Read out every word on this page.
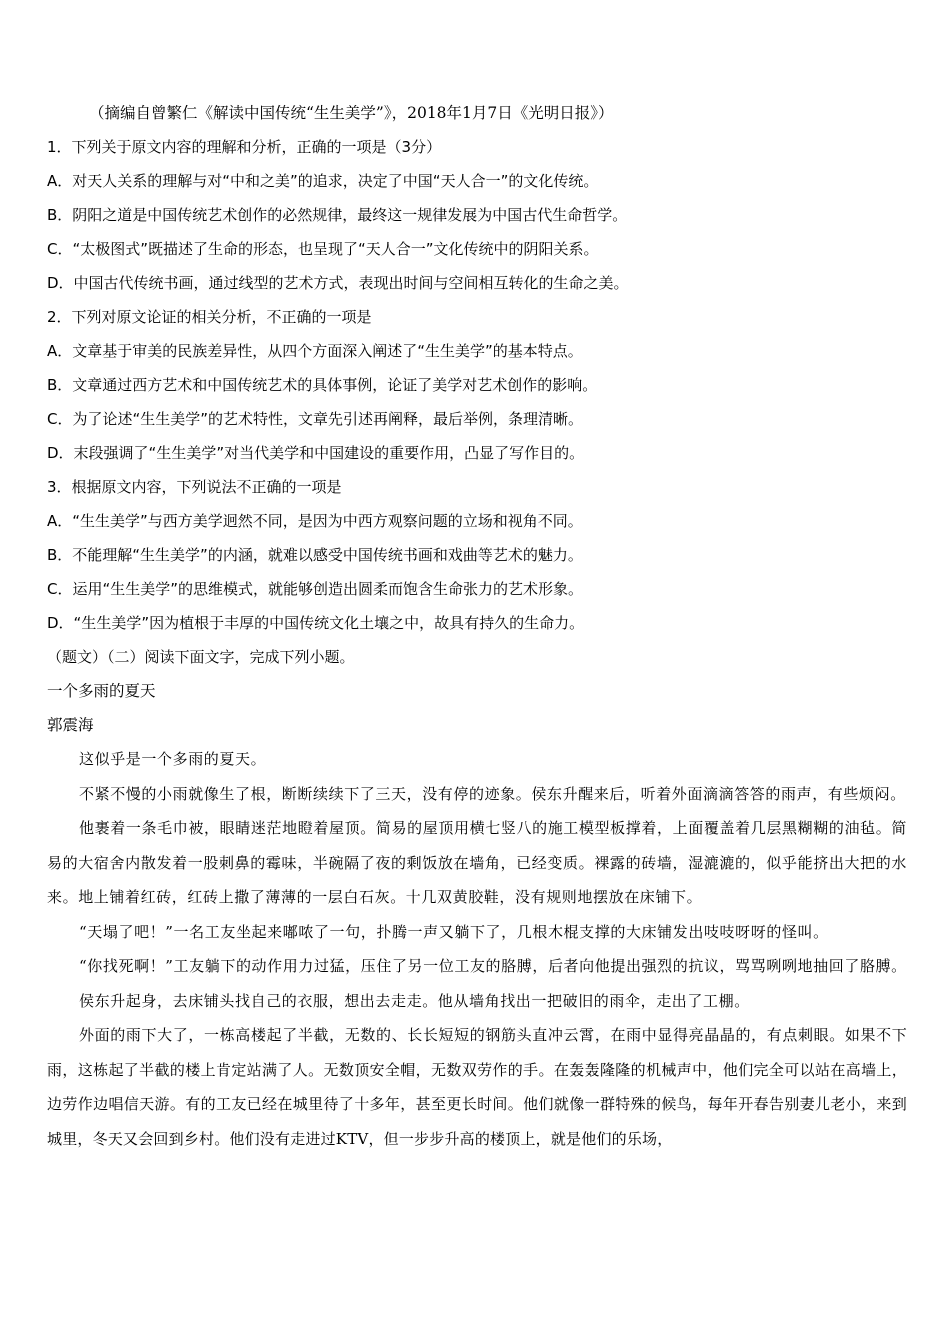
（摘编自曾繁仁《解读中国传统“生生美学”》，2018年1月7日《光明日报》）
1．下列关于原文内容的理解和分析，正确的一项是（3分）
A．对天人关系的理解与对“中和之美”的追求，决定了中国“天人合一”的文化传统。
B．阴阳之道是中国传统艺术创作的必然规律，最终这一规律发展为中国古代生命哲学。
C．“太极图式”既描述了生命的形态，也呈现了“天人合一”文化传统中的阴阳关系。
D．中国古代传统书画，通过线型的艺术方式，表现出时间与空间相互转化的生命之美。
2．下列对原文论证的相关分析，不正确的一项是
A．文章基于审美的民族差异性，从四个方面深入阐述了“生生美学”的基本特点。
B．文章通过西方艺术和中国传统艺术的具体事例，论证了美学对艺术创作的影响。
C．为了论述“生生美学”的艺术特性，文章先引述再阐释，最后举例，条理清晰。
D．末段强调了“生生美学”对当代美学和中国建设的重要作用，凸显了写作目的。
3．根据原文内容，下列说法不正确的一项是
A．“生生美学”与西方美学迥然不同，是因为中西方观察问题的立场和视角不同。
B．不能理解“生生美学”的内涵，就难以感受中国传统书画和戏曲等艺术的魅力。
C．运用“生生美学”的思维模式，就能够创造出圆柔而饱含生命张力的艺术形象。
D．“生生美学”因为植根于丰厚的中国传统文化土壤之中，故具有持久的生命力。
（题文）（二）阅读下面文字，完成下列小题。
一个多雨的夏天
郭震海

这似乎是一个多雨的夏天。

不紧不慢的小雨就像生了根，断断续续下了三天，没有停的迹象。侯东升醒来后，听着外面滴滴答答的雨声，有些烦闷。

他裹着一条毛巾被，眼睛迷茫地瞪着屋顶。简易的屋顶用横七竖八的施工模型板撑着，上面覆盖着几层黑糊糊的油毡。简易的大宿舍内散发着一股刺鼻的霉味，半碗隔了夜的剩饭放在墙角，已经变质。裸露的砖墙，湿漉漉的，似乎能挤出大把的水来。地上铺着红砖，红砖上撒了薄薄的一层白石灰。十几双黄胶鞋，没有规则地摆放在床铺下。

“天塌了吧！”一名工友坐起来嘟哝了一句，扑腾一声又躺下了，几根木棍支撑的大床铺发出吱吱呀呀的怪叫。

“你找死啊！”工友躺下的动作用力过猛，压住了另一位工友的胳膊，后者向他提出强烈的抗议，骂骂咧咧地抽回了胳膊。

侯东升起身，去床铺头找自己的衣服，想出去走走。他从墙角找出一把破旧的雨伞，走出了工棚。

外面的雨下大了，一栋高楼起了半截，无数的、长长短短的钢筋头直冲云霄，在雨中显得亮晶晶的，有点刺眼。如果不下雨，这栋起了半截的楼上肯定站满了人。无数顶安全帽，无数双劳作的手。在轰轰隆隆的机械声中，他们完全可以站在高墙上，边劳作边唱信天游。有的工友已经在城里待了十多年，甚至更长时间。他们就像一群特殊的候鸟，每年开春告别妻儿老小，来到城里，冬天又会回到乡村。他们没有走进过KTV，但一步步升高的楼顶上，就是他们的乐场，
